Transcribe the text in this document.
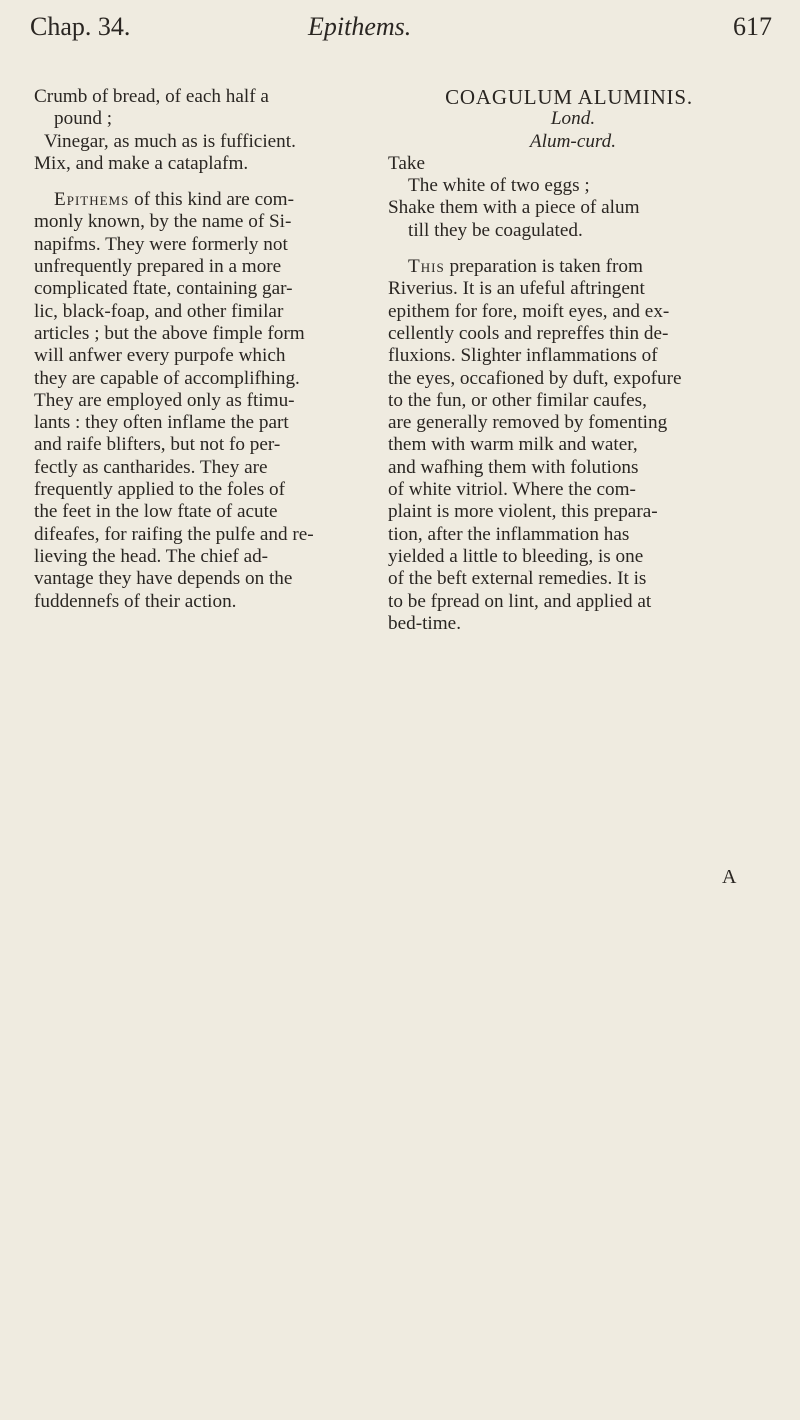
Chap. 34.	Epithems.	617
Crumb of bread, of each half a
pound ;
Vinegar, as much as is fufficient.
Mix, and make a cataplafm.
Epithems of this kind are com-
monly known, by the name of Si-
napifms. They were formerly not
unfrequently prepared in a more
complicated ftate, containing gar-
lic, black-foap, and other fimilar
articles ; but the above fimple form
will anfwer every purpofe which
they are capable of accomplifhing.
They are employed only as ftimu-
lants : they often inflame the part
and raife blifters, but not fo per-
fectly as cantharides. They are
frequently applied to the foles of
the feet in the low ftate of acute
difeafes, for raifing the pulfe and re-
lieving the head. The chief ad-
vantage they have depends on the
fuddennefs of their action.
COAGULUM ALUMINIS.
Lond.
Alum-curd.
Take
The white of two eggs ;
Shake them with a piece of alum
till they be coagulated.
This preparation is taken from
Riverius. It is an ufeful aftringent
epithem for fore, moift eyes, and ex-
cellently cools and repreffes thin de-
fluxions. Slighter inflammations of
the eyes, occafioned by duft, expofure
to the fun, or other fimilar caufes,
are generally removed by fomenting
them with warm milk and water,
and wafhing them with folutions
of white vitriol. Where the com-
plaint is more violent, this prepara-
tion, after the inflammation has
yielded a little to bleeding, is one
of the beft external remedies. It is
to be fpread on lint, and applied at
bed-time.
A
